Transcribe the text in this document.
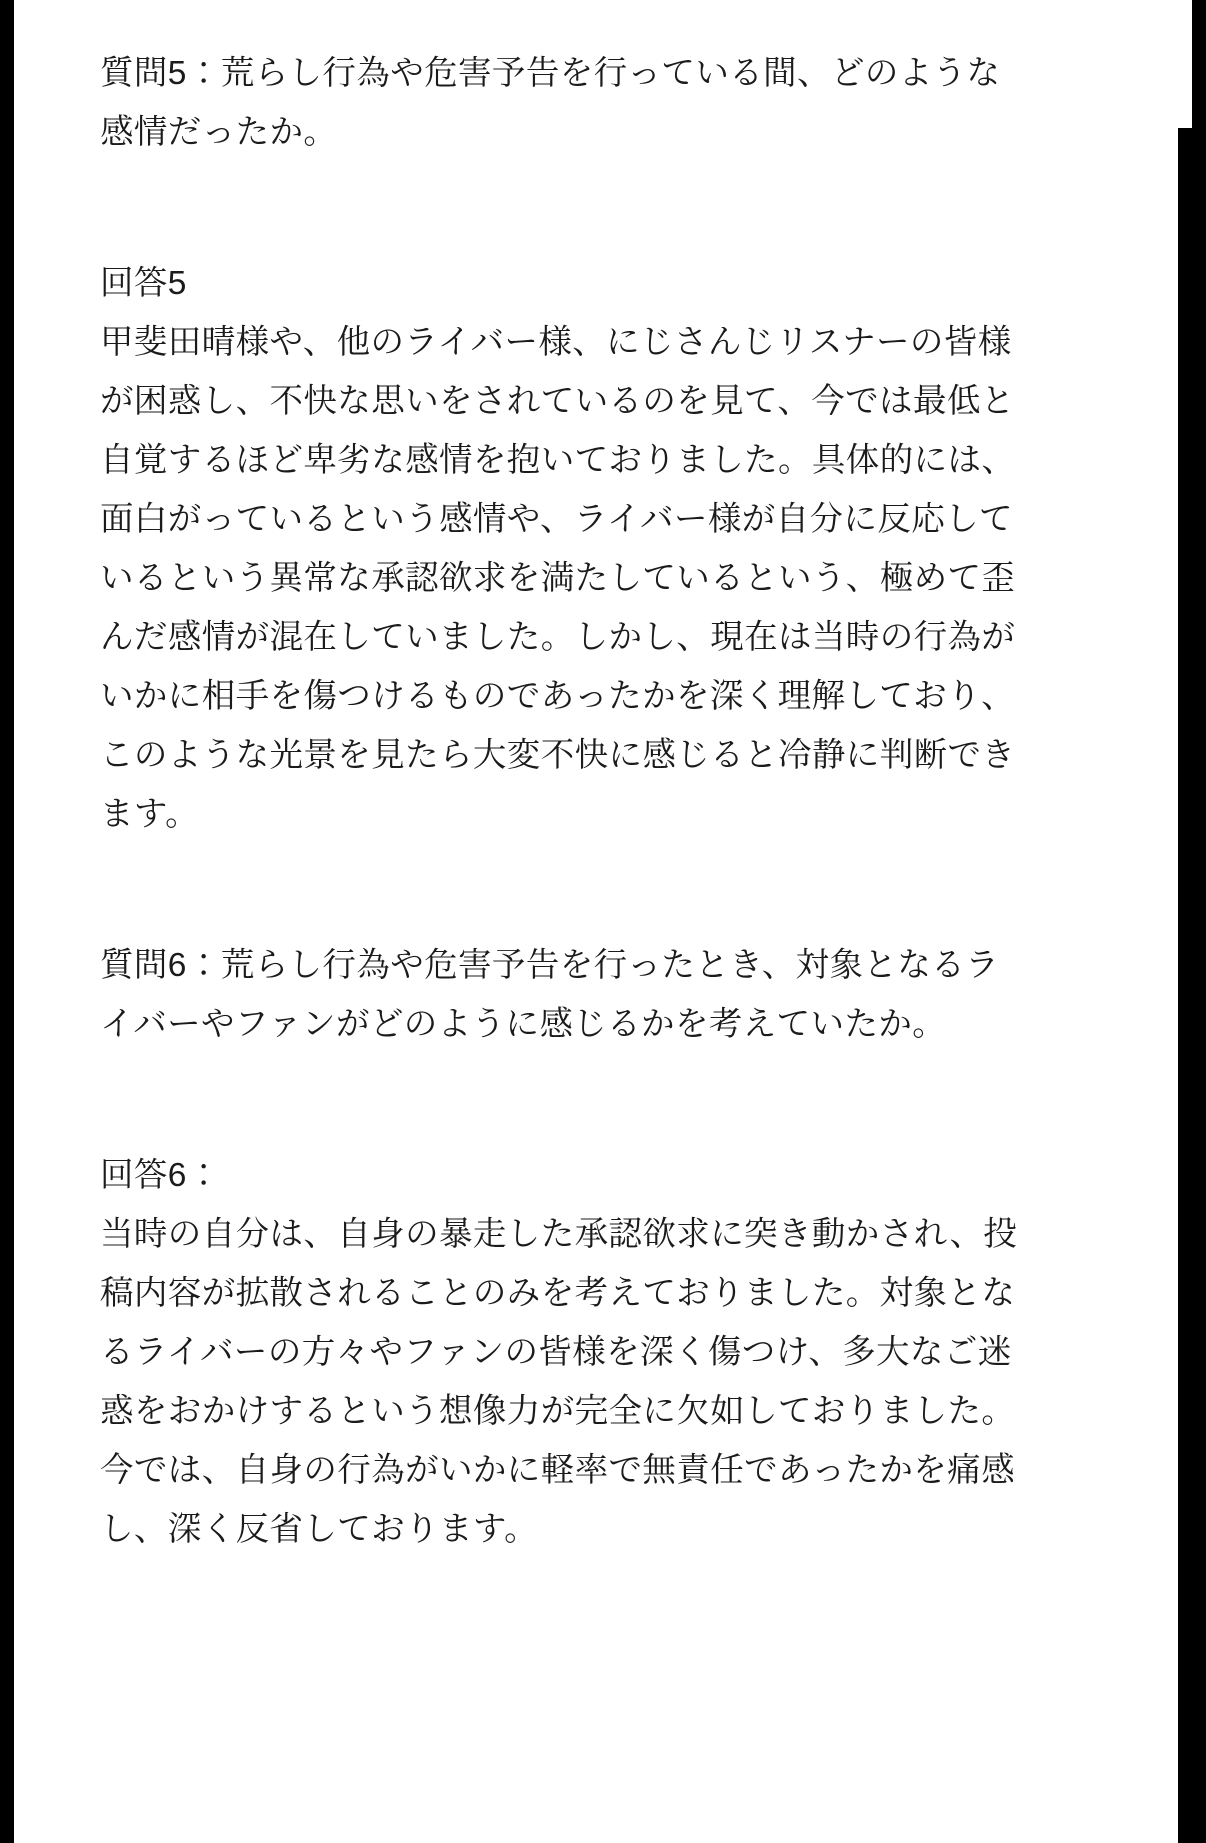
質問5：荒らし行為や危害予告を行っている間、どのような感情だったか。

回答5

甲斐田晴様や、他のライバー様、にじさんじリスナーの皆様が困惑し、不快な思いをされているのを見て、今では最低と自覚するほど卑劣な感情を抱いておりました。具体的には、面白がっているという感情や、ライバー様が自分に反応しているという異常な承認欲求を満たしているという、極めて歪んだ感情が混在していました。しかし、現在は当時の行為がいかに相手を傷つけるものであったかを深く理解しており、このような光景を見たら大変不快に感じると冷静に判断できます。

質問6：荒らし行為や危害予告を行ったとき、対象となるライバーやファンがどのように感じるかを考えていたか。

回答6：

当時の自分は、自身の暴走した承認欲求に突き動かされ、投稿内容が拡散されることのみを考えておりました。対象となるライバーの方々やファンの皆様を深く傷つけ、多大なご迷惑をおかけするという想像力が完全に欠如しておりました。今では、自身の行為がいかに軽率で無責任であったかを痛感し、深く反省しております。
